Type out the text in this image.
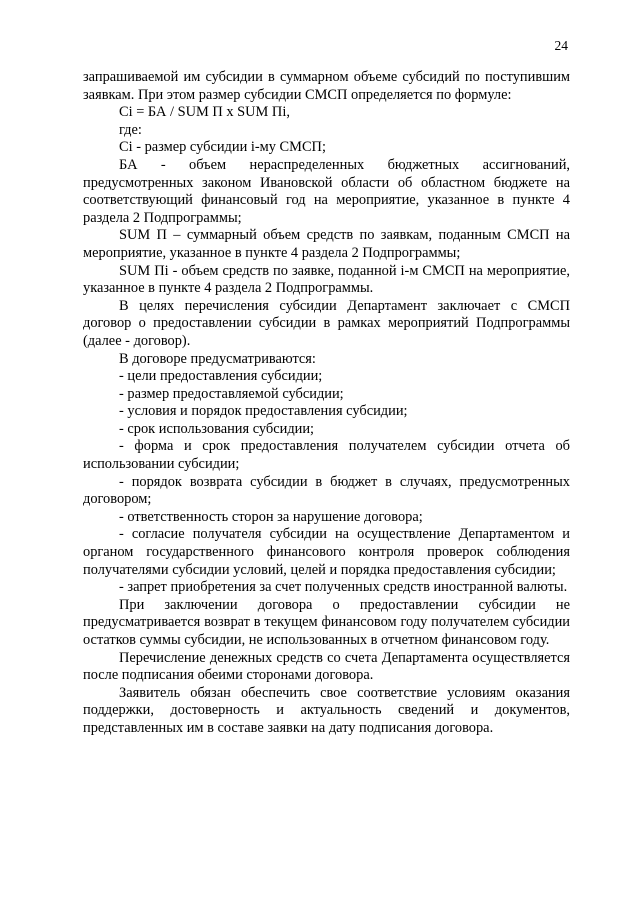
24

запрашиваемой им субсидии в суммарном объеме субсидий по поступившим заявкам. При этом размер субсидии СМСП определяется по формуле:

Ci = БА / SUM П x SUM Пi,

где:

Ci - размер субсидии i-му СМСП;

БА - объем нераспределенных бюджетных ассигнований, предусмотренных законом Ивановской области об областном бюджете на соответствующий финансовый год на мероприятие, указанное в пункте 4 раздела 2 Подпрограммы;

SUM П – суммарный объем средств по заявкам, поданным СМСП на мероприятие, указанное в пункте 4 раздела 2 Подпрограммы;

SUM Пi - объем средств по заявке, поданной i-м СМСП на мероприятие, указанное в пункте 4 раздела 2 Подпрограммы.

В целях перечисления субсидии Департамент заключает с СМСП договор о предоставлении субсидии в рамках мероприятий Подпрограммы (далее - договор).

В договоре предусматриваются:

- цели предоставления субсидии;

- размер предоставляемой субсидии;

- условия и порядок предоставления субсидии;

- срок использования субсидии;

- форма и срок предоставления получателем субсидии отчета об использовании субсидии;

- порядок возврата субсидии в бюджет в случаях, предусмотренных договором;

- ответственность сторон за нарушение договора;

- согласие получателя субсидии на осуществление Департаментом и органом государственного финансового контроля проверок соблюдения получателями субсидии условий, целей и порядка предоставления субсидии;

- запрет приобретения за счет полученных средств иностранной валюты.

При заключении договора о предоставлении субсидии не предусматривается возврат в текущем финансовом году получателем субсидии остатков суммы субсидии, не использованных в отчетном финансовом году.

Перечисление денежных средств со счета Департамента осуществляется после подписания обеими сторонами договора.

Заявитель обязан обеспечить свое соответствие условиям оказания поддержки, достоверность и актуальность сведений и документов, представленных им в составе заявки на дату подписания договора.
